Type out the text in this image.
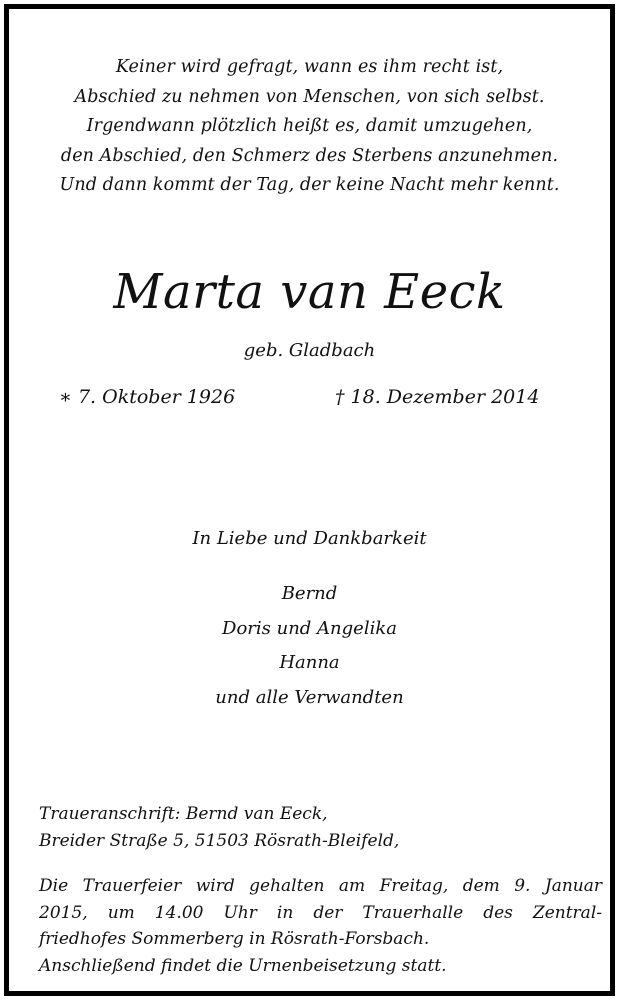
Keiner wird gefragt, wann es ihm recht ist,
Abschied zu nehmen von Menschen, von sich selbst.
Irgendwann plötzlich heißt es, damit umzugehen,
den Abschied, den Schmerz des Sterbens anzunehmen.
Und dann kommt der Tag, der keine Nacht mehr kennt.
Marta van Eeck
geb. Gladbach
∗ 7. Oktober 1926	† 18. Dezember 2014
In Liebe und Dankbarkeit
Bernd
Doris und Angelika
Hanna
und alle Verwandten
Traueranschrift: Bernd van Eeck,
Breider Straße 5, 51503 Rösrath-Bleifeld,
Die Trauerfeier wird gehalten am Freitag, dem 9. Januar
2015, um 14.00 Uhr in der Trauerhalle des Zentral-
friedhofes Sommerberg in Rösrath-Forsbach.
Anschließend findet die Urnenbeisetzung statt.
